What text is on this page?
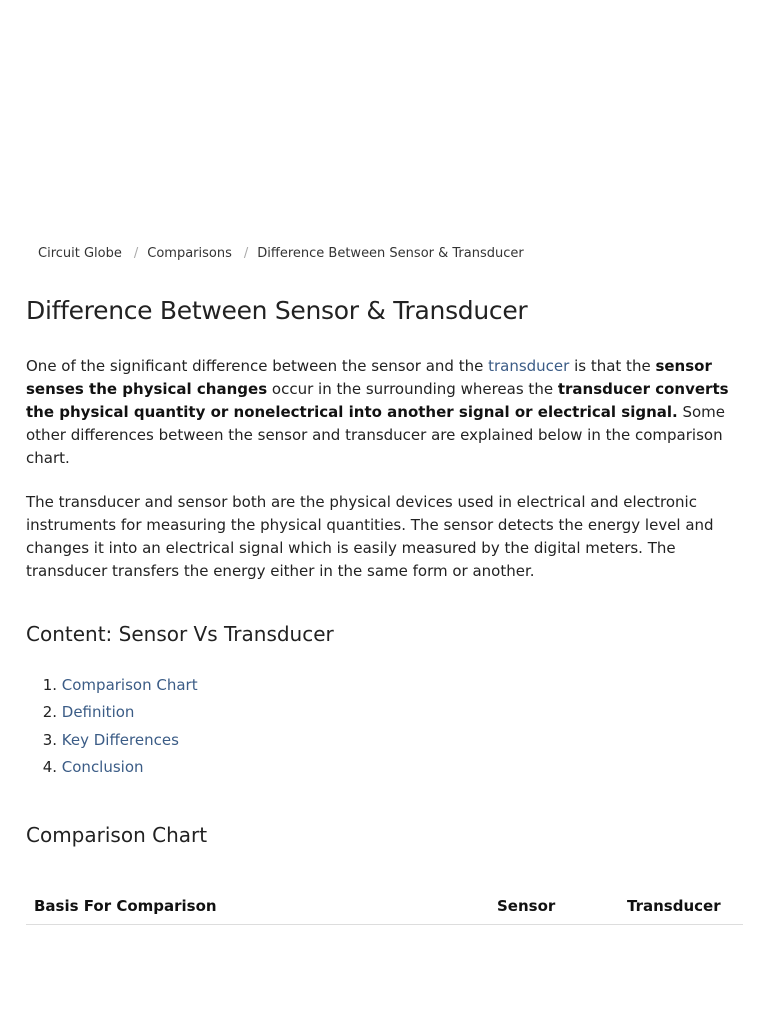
Circuit Globe / Comparisons / Difference Between Sensor & Transducer
Difference Between Sensor & Transducer

One of the significant difference between the sensor and the transducer is that the sensor senses the physical changes occur in the surrounding whereas the transducer converts the physical quantity or nonelectrical into another signal or electrical signal. Some other differences between the sensor and transducer are explained below in the comparison chart.

The transducer and sensor both are the physical devices used in electrical and electronic instruments for measuring the physical quantities. The sensor detects the energy level and changes it into an electrical signal which is easily measured by the digital meters. The transducer transfers the energy either in the same form or another.

Content: Sensor Vs Transducer
1. Comparison Chart
2. Definition
3. Key Differences
4. Conclusion
Comparison Chart
Basis For Comparison	Sensor	Transducer
